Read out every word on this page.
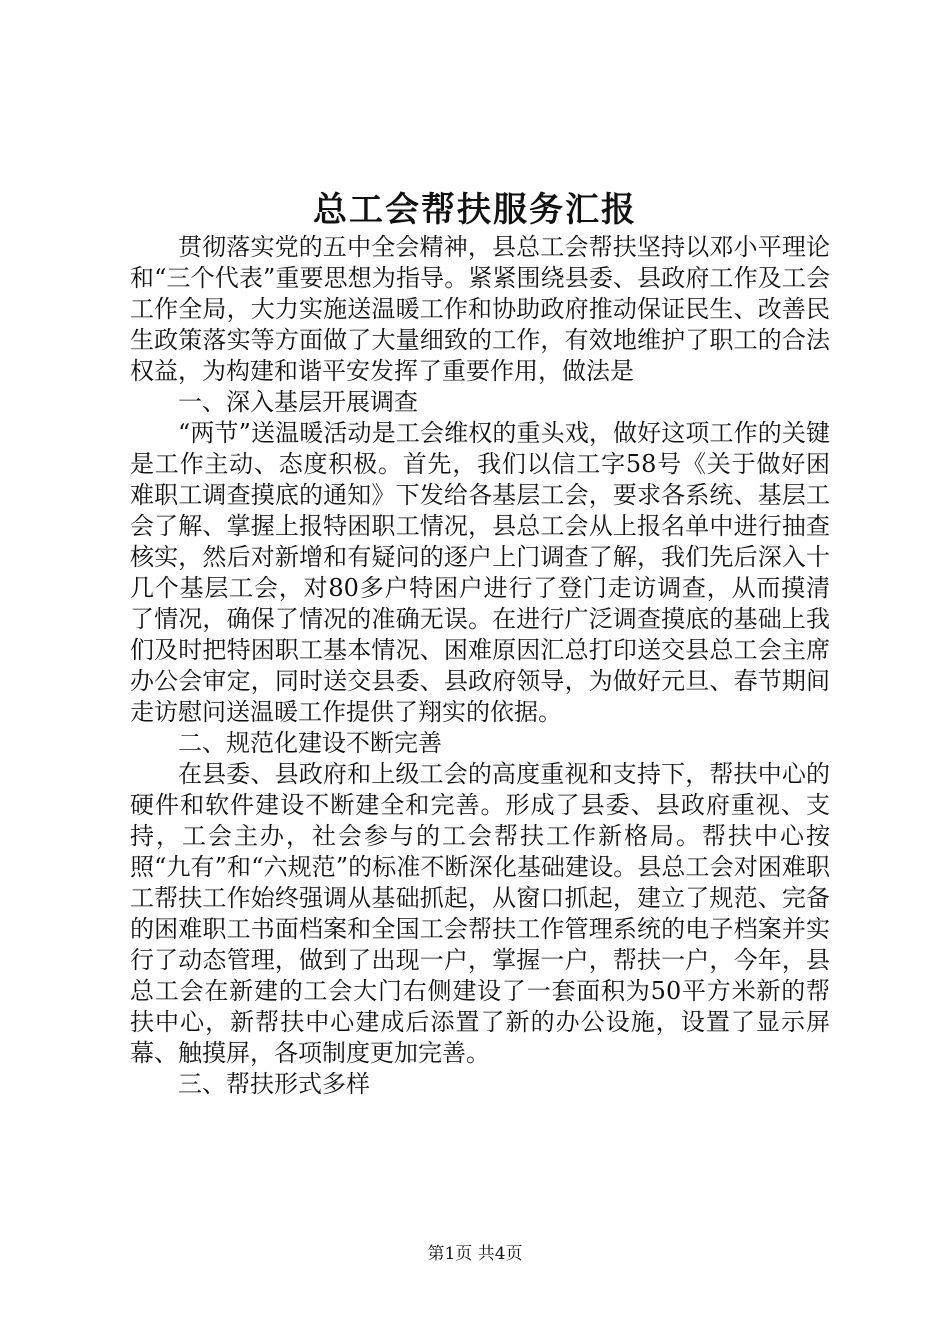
总工会帮扶服务汇报

贯彻落实党的五中全会精神，县总工会帮扶坚持以邓小平理论和“三个代表”重要思想为指导。紧紧围绕县委、县政府工作及工会工作全局，大力实施送温暖工作和协助政府推动保证民生、改善民生政策落实等方面做了大量细致的工作，有效地维护了职工的合法权益，为构建和谐平安发挥了重要作用，做法是

一、深入基层开展调查

“两节”送温暖活动是工会维权的重头戏，做好这项工作的关键是工作主动、态度积极。首先，我们以信工字58号《关于做好困难职工调查摸底的通知》下发给各基层工会，要求各系统、基层工会了解、掌握上报特困职工情况，县总工会从上报名单中进行抽查核实，然后对新增和有疑问的逐户上门调查了解，我们先后深入十几个基层工会，对80多户特困户进行了登门走访调查，从而摸清了情况，确保了情况的准确无误。在进行广泛调查摸底的基础上我们及时把特困职工基本情况、困难原因汇总打印送交县总工会主席办公会审定，同时送交县委、县政府领导，为做好元旦、春节期间走访慰问送温暖工作提供了翔实的依据。

二、规范化建设不断完善

在县委、县政府和上级工会的高度重视和支持下，帮扶中心的硬件和软件建设不断建全和完善。形成了县委、县政府重视、支持，工会主办，社会参与的工会帮扶工作新格局。帮扶中心按照“九有”和“六规范”的标准不断深化基础建设。县总工会对困难职工帮扶工作始终强调从基础抓起，从窗口抓起，建立了规范、完备的困难职工书面档案和全国工会帮扶工作管理系统的电子档案并实行了动态管理，做到了出现一户，掌握一户，帮扶一户，今年，县总工会在新建的工会大门右侧建设了一套面积为50平方米新的帮扶中心，新帮扶中心建成后添置了新的办公设施，设置了显示屏幕、触摸屏，各项制度更加完善。

三、帮扶形式多样

第1页 共4页
